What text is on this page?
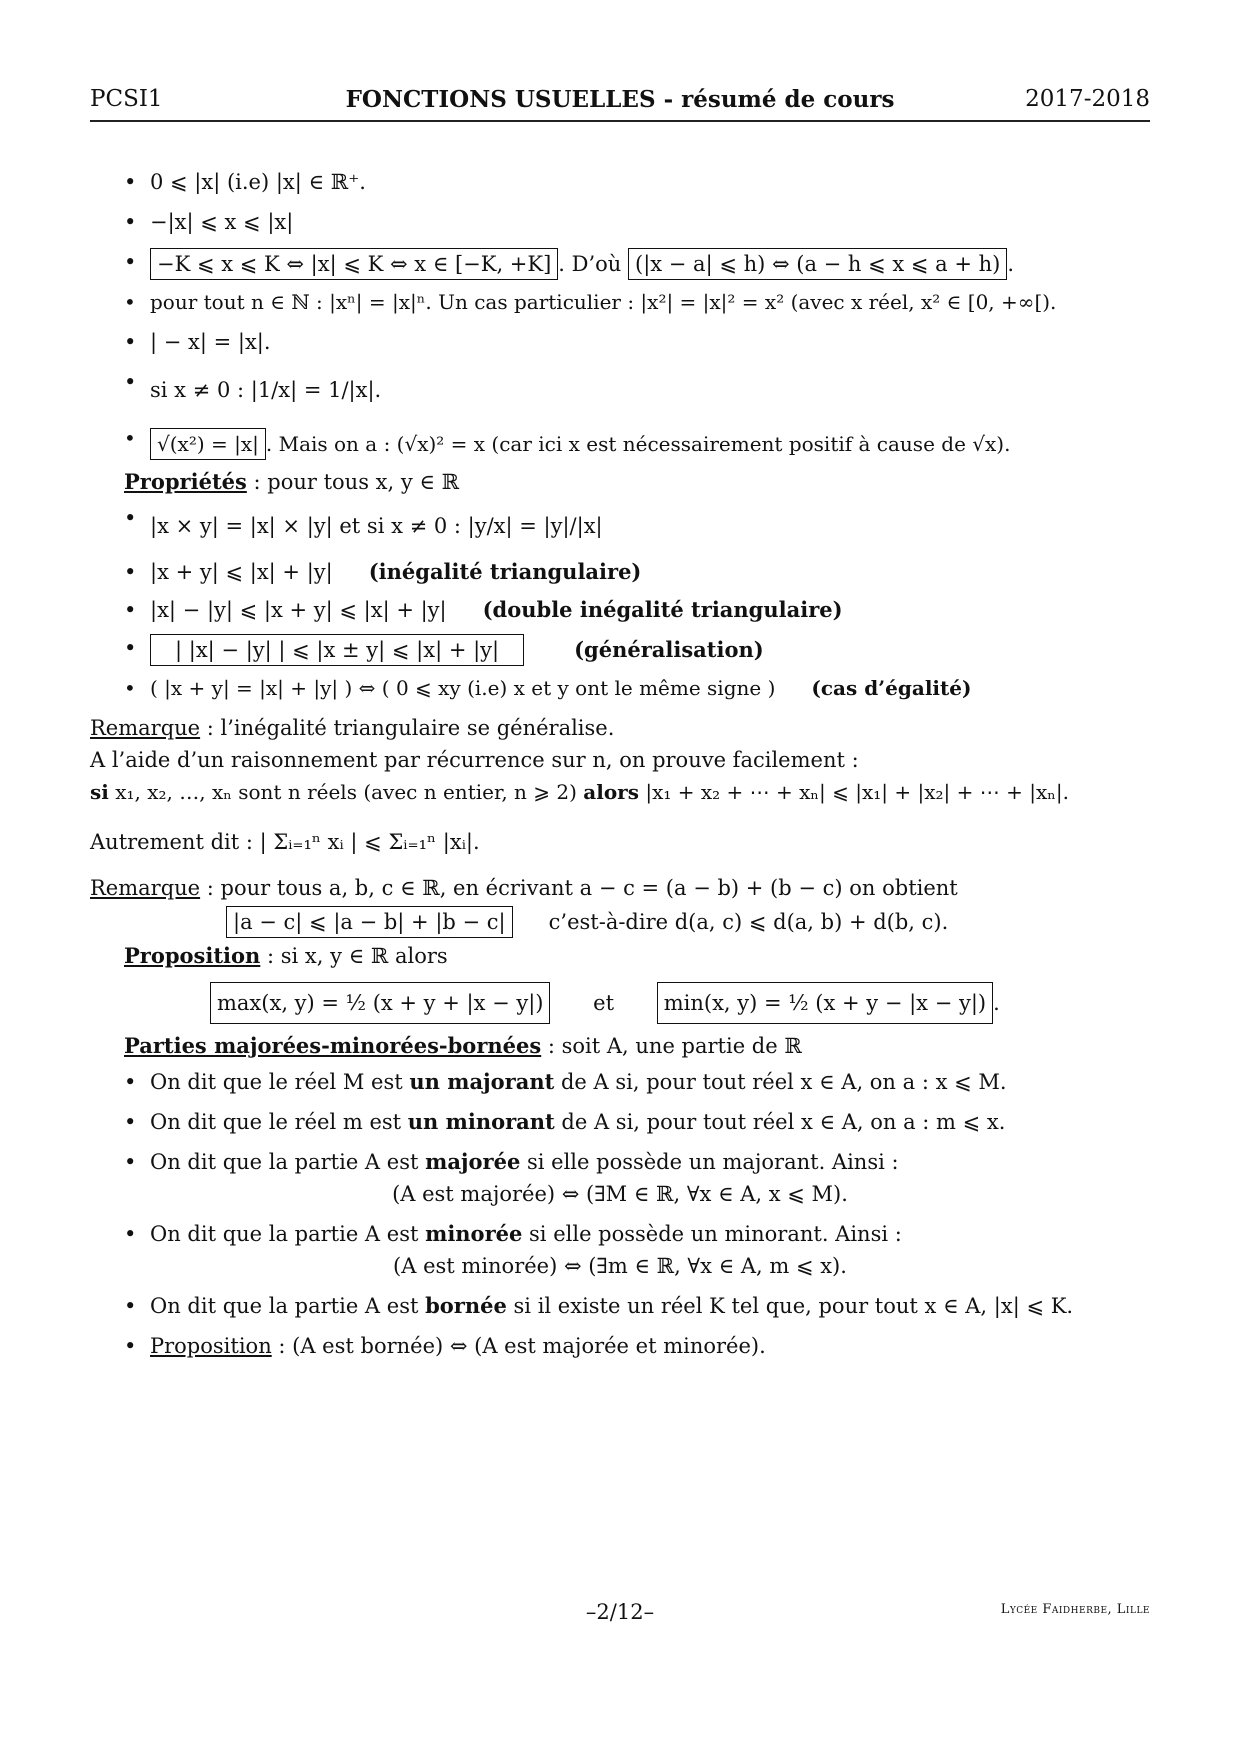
PCSI1	FONCTIONS USUELLES - résumé de cours	2017-2018
• 0 ⩽ |x| (i.e) |x| ∈ ℝ⁺.
• −|x| ⩽ x ⩽ |x|
• −K ⩽ x ⩽ K ⇔ |x| ⩽ K ⇔ x ∈ [−K, +K] . D’où (|x − a| ⩽ h) ⇔ (a − h ⩽ x ⩽ a + h) .
• pour tout n ∈ ℕ : |xⁿ| = |x|ⁿ. Un cas particulier : |x²| = |x|² = x² (avec x réel, x² ∈ [0, +∞[).
• | − x| = |x|.
• si x ≠ 0 : |1/x| = 1/|x|.
• √(x²) = |x| . Mais on a : (√x)² = x (car ici x est nécessairement positif à cause de √x).
Propriétés : pour tous x, y ∈ ℝ
• |x × y| = |x| × |y| et si x ≠ 0 : |y/x| = |y|/|x|
• |x + y| ⩽ |x| + |y| (inégalité triangulaire)
• |x| − |y| ⩽ |x + y| ⩽ |x| + |y| (double inégalité triangulaire)
• | |x| − |y| | ⩽ |x ± y| ⩽ |x| + |y|	(généralisation)
• ( |x + y| = |x| + |y| ) ⇔ ( 0 ⩽ xy (i.e) x et y ont le même signe ) (cas d’égalité)
Remarque : l’inégalité triangulaire se généralise.
A l’aide d’un raisonnement par récurrence sur n, on prouve facilement :
si x₁, x₂, …, xₙ sont n réels (avec n entier, n ⩾ 2) alors |x₁ + x₂ + ⋯ + xₙ| ⩽ |x₁| + |x₂| + ⋯ + |xₙ|.
Autrement dit : | Σᵢ₌₁ⁿ xᵢ | ⩽ Σᵢ₌₁ⁿ |xᵢ|.
Remarque : pour tous a, b, c ∈ ℝ, en écrivant a − c = (a − b) + (b − c) on obtient
|a − c| ⩽ |a − b| + |b − c| c’est-à-dire d(a, c) ⩽ d(a, b) + d(b, c).
Proposition : si x, y ∈ ℝ alors
max(x, y) = ½ (x + y + |x − y|) et min(x, y) = ½ (x + y − |x − y|) .
Parties majorées-minorées-bornées : soit A, une partie de ℝ
• On dit que le réel M est un majorant de A si, pour tout réel x ∈ A, on a : x ⩽ M.
• On dit que le réel m est un minorant de A si, pour tout réel x ∈ A, on a : m ⩽ x.
• On dit que la partie A est majorée si elle possède un majorant. Ainsi :
(A est majorée) ⇔ (∃M ∈ ℝ, ∀x ∈ A, x ⩽ M).
• On dit que la partie A est minorée si elle possède un minorant. Ainsi :
(A est minorée) ⇔ (∃m ∈ ℝ, ∀x ∈ A, m ⩽ x).
• On dit que la partie A est bornée si il existe un réel K tel que, pour tout x ∈ A, |x| ⩽ K.
• Proposition : (A est bornée) ⇔ (A est majorée et minorée).
–2/12–	Lycée Faidherbe, Lille
